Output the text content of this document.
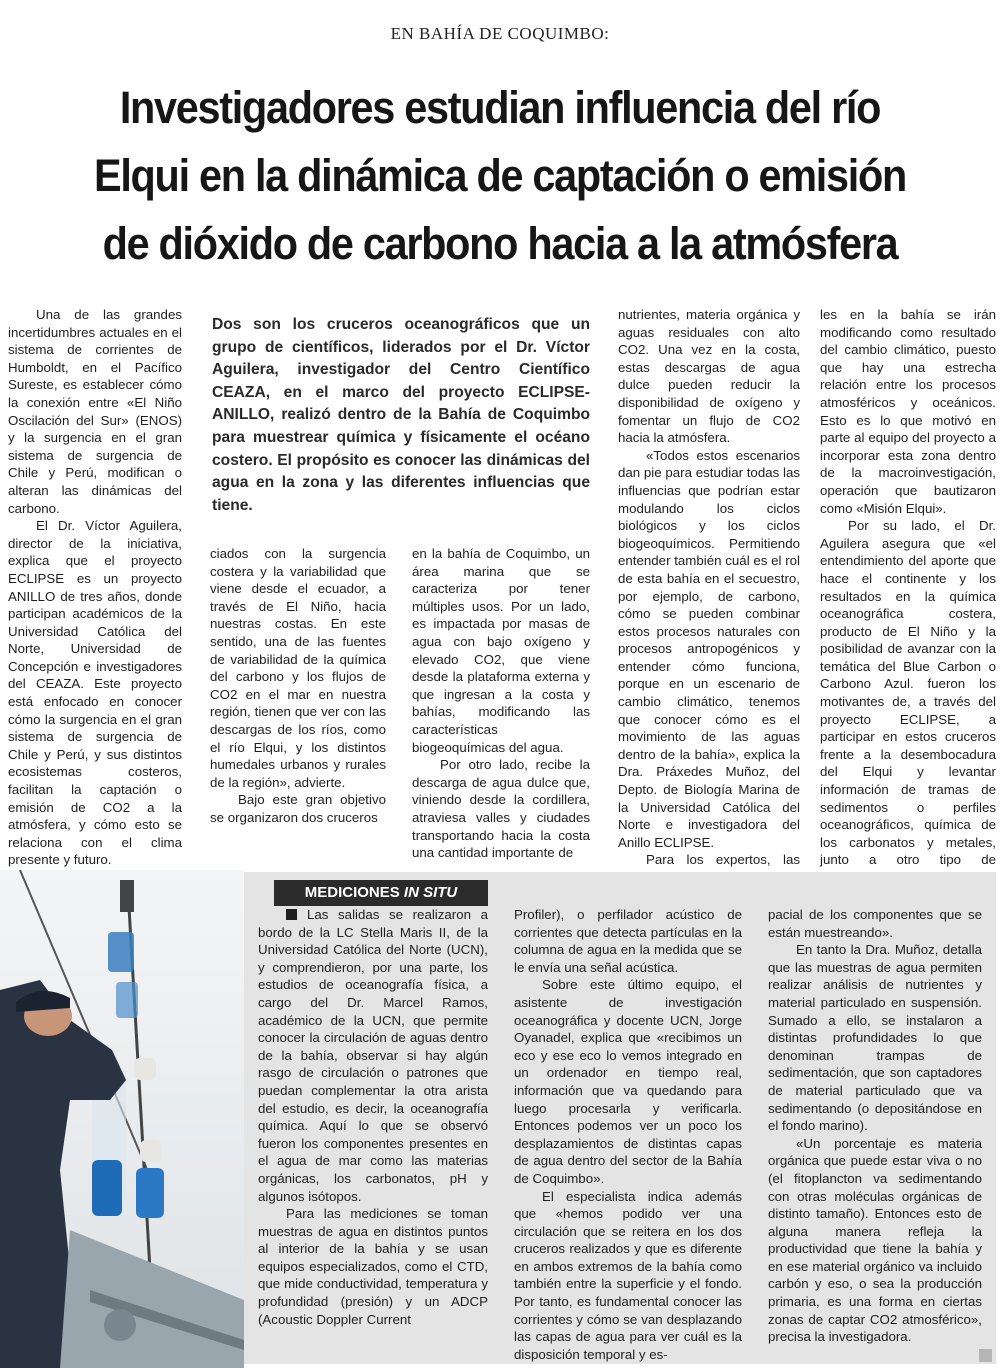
EN BAHÍA DE COQUIMBO:
Investigadores estudian influencia del río
Elqui en la dinámica de captación o emisión
de dióxido de carbono hacia a la atmósfera

Dos son los cruceros oceanográficos que un grupo de científicos, liderados por el Dr. Víctor Aguilera, investigador del Centro Científico CEAZA, en el marco del proyecto ECLIPSE-ANILLO, realizó dentro de la Bahía de Coquimbo para muestrear química y físicamente el océano costero. El propósito es conocer las dinámicas del agua en la zona y las diferentes influencias que tiene.

Una de las grandes incertidumbres actuales en el sistema de corrientes de Humboldt, en el Pacífico Sureste, es establecer cómo la conexión entre «El Niño Oscilación del Sur» (ENOS) y la surgencia en el gran sistema de surgencia de Chile y Perú, modifican o alteran las dinámicas del carbono.

El Dr. Víctor Aguilera, director de la iniciativa, explica que el proyecto ECLIPSE es un proyecto ANILLO de tres años, donde participan académicos de la Universidad Católica del Norte, Universidad de Concepción e investigadores del CEAZA. Este proyecto está enfocado en conocer cómo la surgencia en el gran sistema de surgencia de Chile y Perú, y sus distintos ecosistemas costeros, facilitan la captación o emisión de CO2 a la atmósfera, y cómo esto se relaciona con el clima presente y futuro.

ciados con la surgencia costera y la variabilidad que viene desde el ecuador, a través de El Niño, hacia nuestras costas. En este sentido, una de las fuentes de variabilidad de la química del carbono y los flujos de CO2 en el mar en nuestra región, tienen que ver con las descargas de los ríos, como el río Elqui, y los distintos humedales urbanos y rurales de la región», advierte.

Bajo este gran objetivo se organizaron dos cruceros

en la bahía de Coquimbo, un área marina que se caracteriza por tener múltiples usos. Por un lado, es impactada por masas de agua con bajo oxígeno y elevado CO2, que viene desde la plataforma externa y que ingresan a la costa y bahías, modificando las características biogeoquímicas del agua.

Por otro lado, recibe la descarga de agua dulce que, viniendo desde la cordillera, atraviesa valles y ciudades transportando hacia la costa una cantidad importante de

nutrientes, materia orgánica y aguas residuales con alto CO2. Una vez en la costa, estas descargas de agua dulce pueden reducir la disponibilidad de oxígeno y fomentar un flujo de CO2 hacia la atmósfera.

«Todos estos escenarios dan pie para estudiar todas las influencias que podrían estar modulando los ciclos biológicos y los ciclos biogeoquímicos. Permitiendo entender también cuál es el rol de esta bahía en el secuestro, por ejemplo, de carbono, cómo se pueden combinar estos procesos naturales con procesos antropogénicos y entender cómo funciona, porque en un escenario de cambio climático, tenemos que conocer cómo es el movimiento de las aguas dentro de la bahía», explica la Dra. Práxedes Muñoz, del Depto. de Biología Marina de la Universidad Católica del Norte e investigadora del Anillo ECLIPSE.

Para los expertos, las

les en la bahía se irán modificando como resultado del cambio climático, puesto que hay una estrecha relación entre los procesos atmosféricos y oceánicos. Esto es lo que motivó en parte al equipo del proyecto a incorporar esta zona dentro de la macroinvestigación, operación que bautizaron como «Misión Elqui».

Por su lado, el Dr. Aguilera asegura que «el entendimiento del aporte que hace el continente y los resultados en la química oceanográfica costera, producto de El Niño y la posibilidad de avanzar con la temática del Blue Carbon o Carbono Azul. fueron los motivantes de, a través del proyecto ECLIPSE, a participar en estos cruceros frente a la desembocadura del Elqui y levantar información de tramas de sedimentos o perfiles oceanográficos, química de los carbonatos y metales, junto a otro tipo de

MEDICIONES IN SITU

Las salidas se realizaron a bordo de la LC Stella Maris II, de la Universidad Católica del Norte (UCN), y comprendieron, por una parte, los estudios de oceanografía física, a cargo del Dr. Marcel Ramos, académico de la UCN, que permite conocer la circulación de aguas dentro de la bahía, observar si hay algún rasgo de circulación o patrones que puedan complementar la otra arista del estudio, es decir, la oceanografía química. Aquí lo que se observó fueron los componentes presentes en el agua de mar como las materias orgánicas, los carbonatos, pH y algunos isótopos.

Para las mediciones se toman muestras de agua en distintos puntos al interior de la bahía y se usan equipos especializados, como el CTD, que mide conductividad, temperatura y profundidad (presión) y un ADCP (Acoustic Doppler Current

Profiler), o perfilador acústico de corrientes que detecta partículas en la columna de agua en la medida que se le envía una señal acústica.

Sobre este último equipo, el asistente de investigación oceanográfica y docente UCN, Jorge Oyanadel, explica que «recibimos un eco y ese eco lo vemos integrado en un ordenador en tiempo real, información que va quedando para luego procesarla y verificarla. Entonces podemos ver un poco los desplazamientos de distintas capas de agua dentro del sector de la Bahía de Coquimbo».

El especialista indica además que «hemos podido ver una circulación que se reitera en los dos cruceros realizados y que es diferente en ambos extremos de la bahía como también entre la superficie y el fondo. Por tanto, es fundamental conocer las corrientes y cómo se van desplazando las capas de agua para ver cuál es la disposición temporal y es-

pacial de los componentes que se están muestreando».

En tanto la Dra. Muñoz, detalla que las muestras de agua permiten realizar análisis de nutrientes y material particulado en suspensión. Sumado a ello, se instalaron a distintas profundidades lo que denominan trampas de sedimentación, que son captadores de material particulado que va sedimentando (o depositándose en el fondo marino).

«Un porcentaje es materia orgánica que puede estar viva o no (el fitoplancton va sedimentando con otras moléculas orgánicas de distinto tamaño). Entonces esto de alguna manera refleja la productividad que tiene la bahía y en ese material orgánico va incluido carbón y eso, o sea la producción primaria, es una forma en ciertas zonas de captar CO2 atmosférico», precisa la investigadora.
